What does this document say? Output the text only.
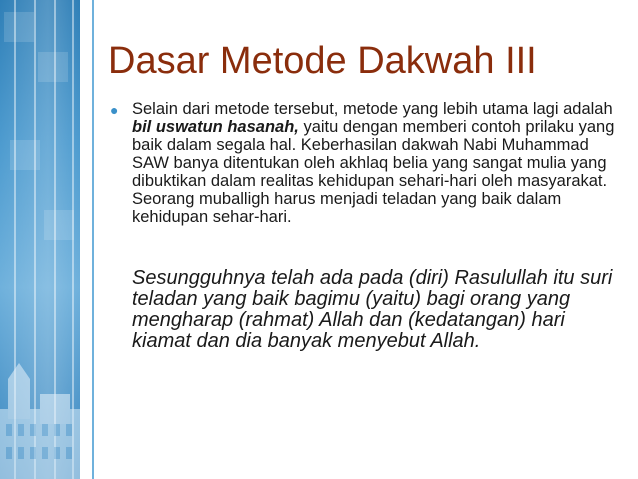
Dasar Metode Dakwah III
● Selain dari metode tersebut, metode yang lebih utama lagi adalah bil uswatun hasanah, yaitu dengan memberi contoh prilaku yang baik dalam segala hal. Keberhasilan dakwah Nabi Muhammad SAW banya ditentukan oleh akhlaq belia yang sangat mulia yang dibuktikan dalam realitas kehidupan sehari-hari oleh masyarakat. Seorang muballigh harus menjadi teladan yang baik dalam kehidupan sehar-hari.

Sesungguhnya telah ada pada (diri) Rasulullah itu suri teladan yang baik bagimu (yaitu) bagi orang yang mengharap (rahmat) Allah dan (kedatangan) hari kiamat dan dia banyak menyebut Allah.
